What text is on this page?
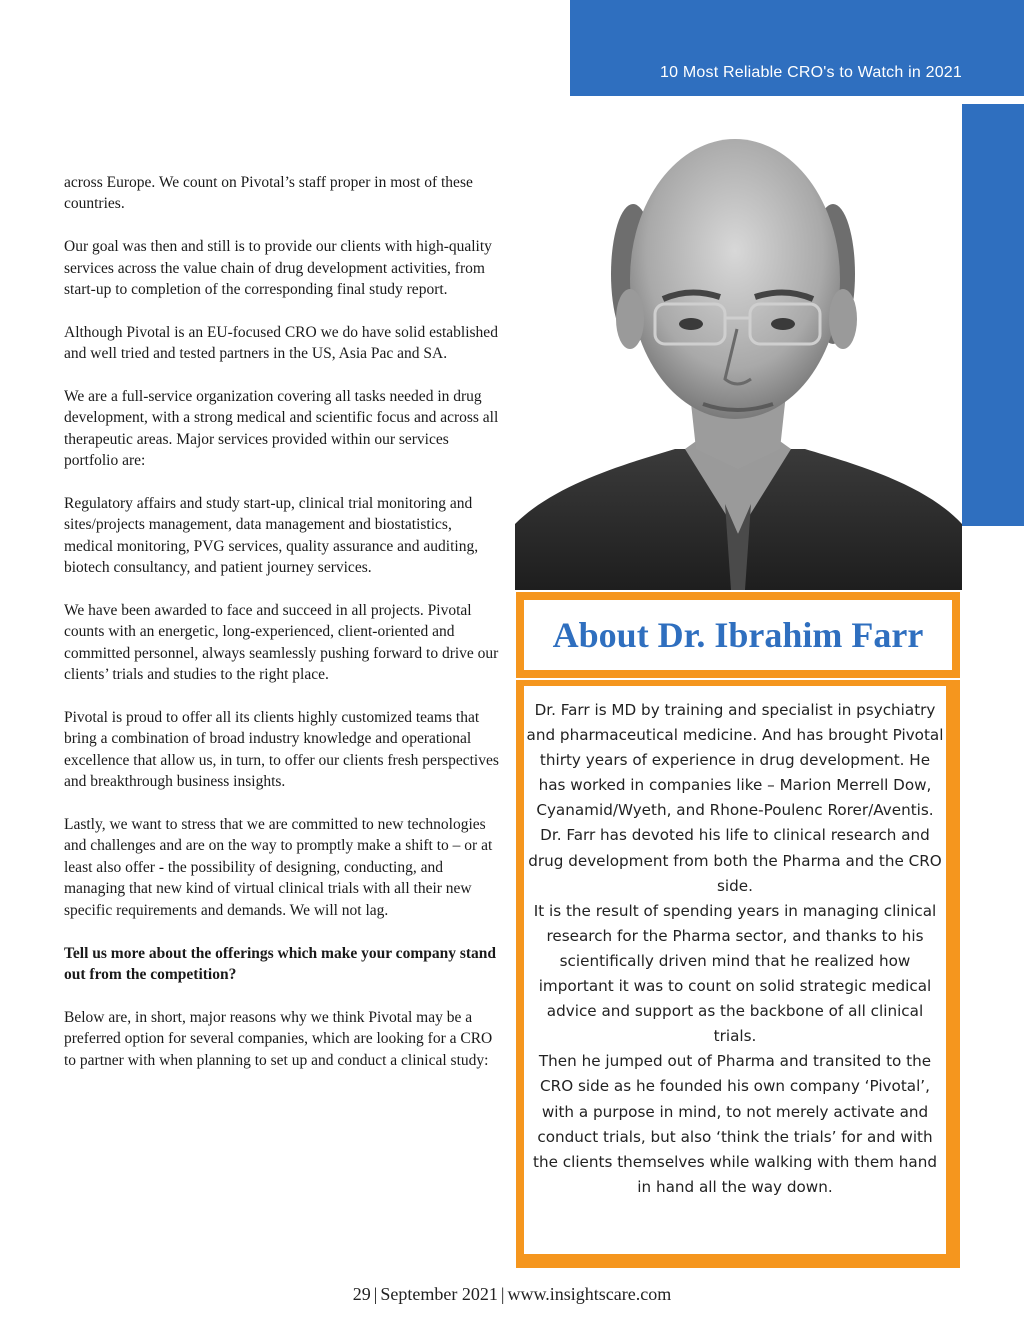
10 Most Reliable CRO's to Watch in 2021

across Europe. We count on Pivotal’s staff proper in most of these countries.

Our goal was then and still is to provide our clients with high-quality services across the value chain of drug development activities, from start-up to completion of the corresponding final study report.

Although Pivotal is an EU-focused CRO we do have solid established and well tried and tested partners in the US, Asia Pac and SA.

We are a full-service organization covering all tasks needed in drug development, with a strong medical and scientific focus and across all therapeutic areas. Major services provided within our services portfolio are:

Regulatory affairs and study start-up, clinical trial monitoring and sites/projects management, data management and biostatistics, medical monitoring, PVG services, quality assurance and auditing, biotech consultancy, and patient journey services.

We have been awarded to face and succeed in all projects. Pivotal counts with an energetic, long-experienced, client-oriented and committed personnel, always seamlessly pushing forward to drive our clients’ trials and studies to the right place.

Pivotal is proud to offer all its clients highly customized teams that bring a combination of broad industry knowledge and operational excellence that allow us, in turn, to offer our clients fresh perspectives and breakthrough business insights.

Lastly, we want to stress that we are committed to new technologies and challenges and are on the way to promptly make a shift to – or at least also offer - the possibility of designing, conducting, and managing that new kind of virtual clinical trials with all their new specific requirements and demands. We will not lag.

Tell us more about the offerings which make your company stand out from the competition?

Below are, in short, major reasons why we think Pivotal may be a preferred option for several companies, which are looking for a CRO to partner with when planning to set up and conduct a clinical study:

About Dr. Ibrahim Farr

Dr. Farr is MD by training and specialist in psychiatry and pharmaceutical medicine. And has brought Pivotal thirty years of experience in drug development. He has worked in companies like – Marion Merrell Dow, Cyanamid/Wyeth, and Rhone-Poulenc Rorer/Aventis.

Dr. Farr has devoted his life to clinical research and drug development from both the Pharma and the CRO side.

It is the result of spending years in managing clinical research for the Pharma sector, and thanks to his scientifically driven mind that he realized how important it was to count on solid strategic medical advice and support as the backbone of all clinical trials.

Then he jumped out of Pharma and transited to the CRO side as he founded his own company ‘Pivotal’, with a purpose in mind, to not merely activate and conduct trials, but also ‘think the trials’ for and with the clients themselves while walking with them hand in hand all the way down.

29 | September 2021 | www.insightscare.com
